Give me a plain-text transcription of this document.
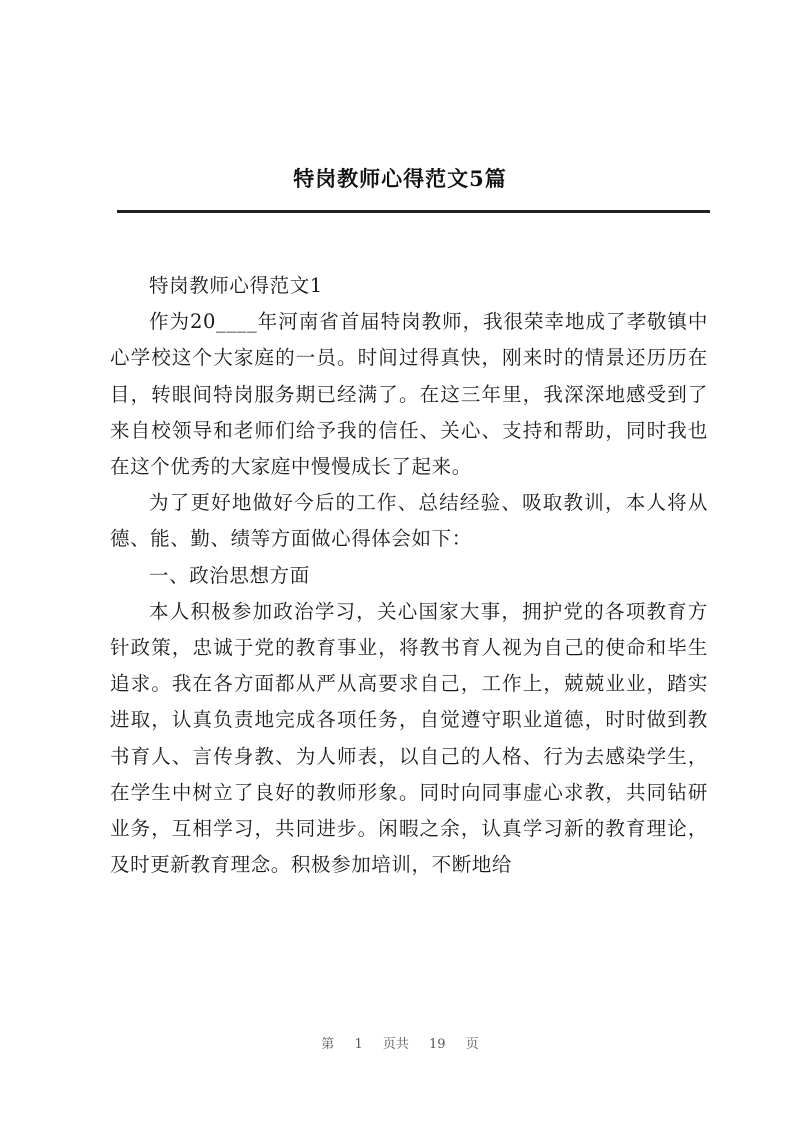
特岗教师心得范文5篇

特岗教师心得范文1

作为20____年河南省首届特岗教师，我很荣幸地成了孝敬镇中心学校这个大家庭的一员。时间过得真快，刚来时的情景还历历在目，转眼间特岗服务期已经满了。在这三年里，我深深地感受到了来自校领导和老师们给予我的信任、关心、支持和帮助，同时我也在这个优秀的大家庭中慢慢成长了起来。

为了更好地做好今后的工作、总结经验、吸取教训，本人将从德、能、勤、绩等方面做心得体会如下：

一、政治思想方面

本人积极参加政治学习，关心国家大事，拥护党的各项教育方针政策，忠诚于党的教育事业，将教书育人视为自己的使命和毕生追求。我在各方面都从严从高要求自己，工作上，兢兢业业，踏实进取，认真负责地完成各项任务，自觉遵守职业道德，时时做到教书育人、言传身教、为人师表，以自己的人格、行为去感染学生，在学生中树立了良好的教师形象。同时向同事虚心求教，共同钻研业务，互相学习，共同进步。闲暇之余，认真学习新的教育理论，及时更新教育理念。积极参加培训，不断地给

第 1 页共 19 页
